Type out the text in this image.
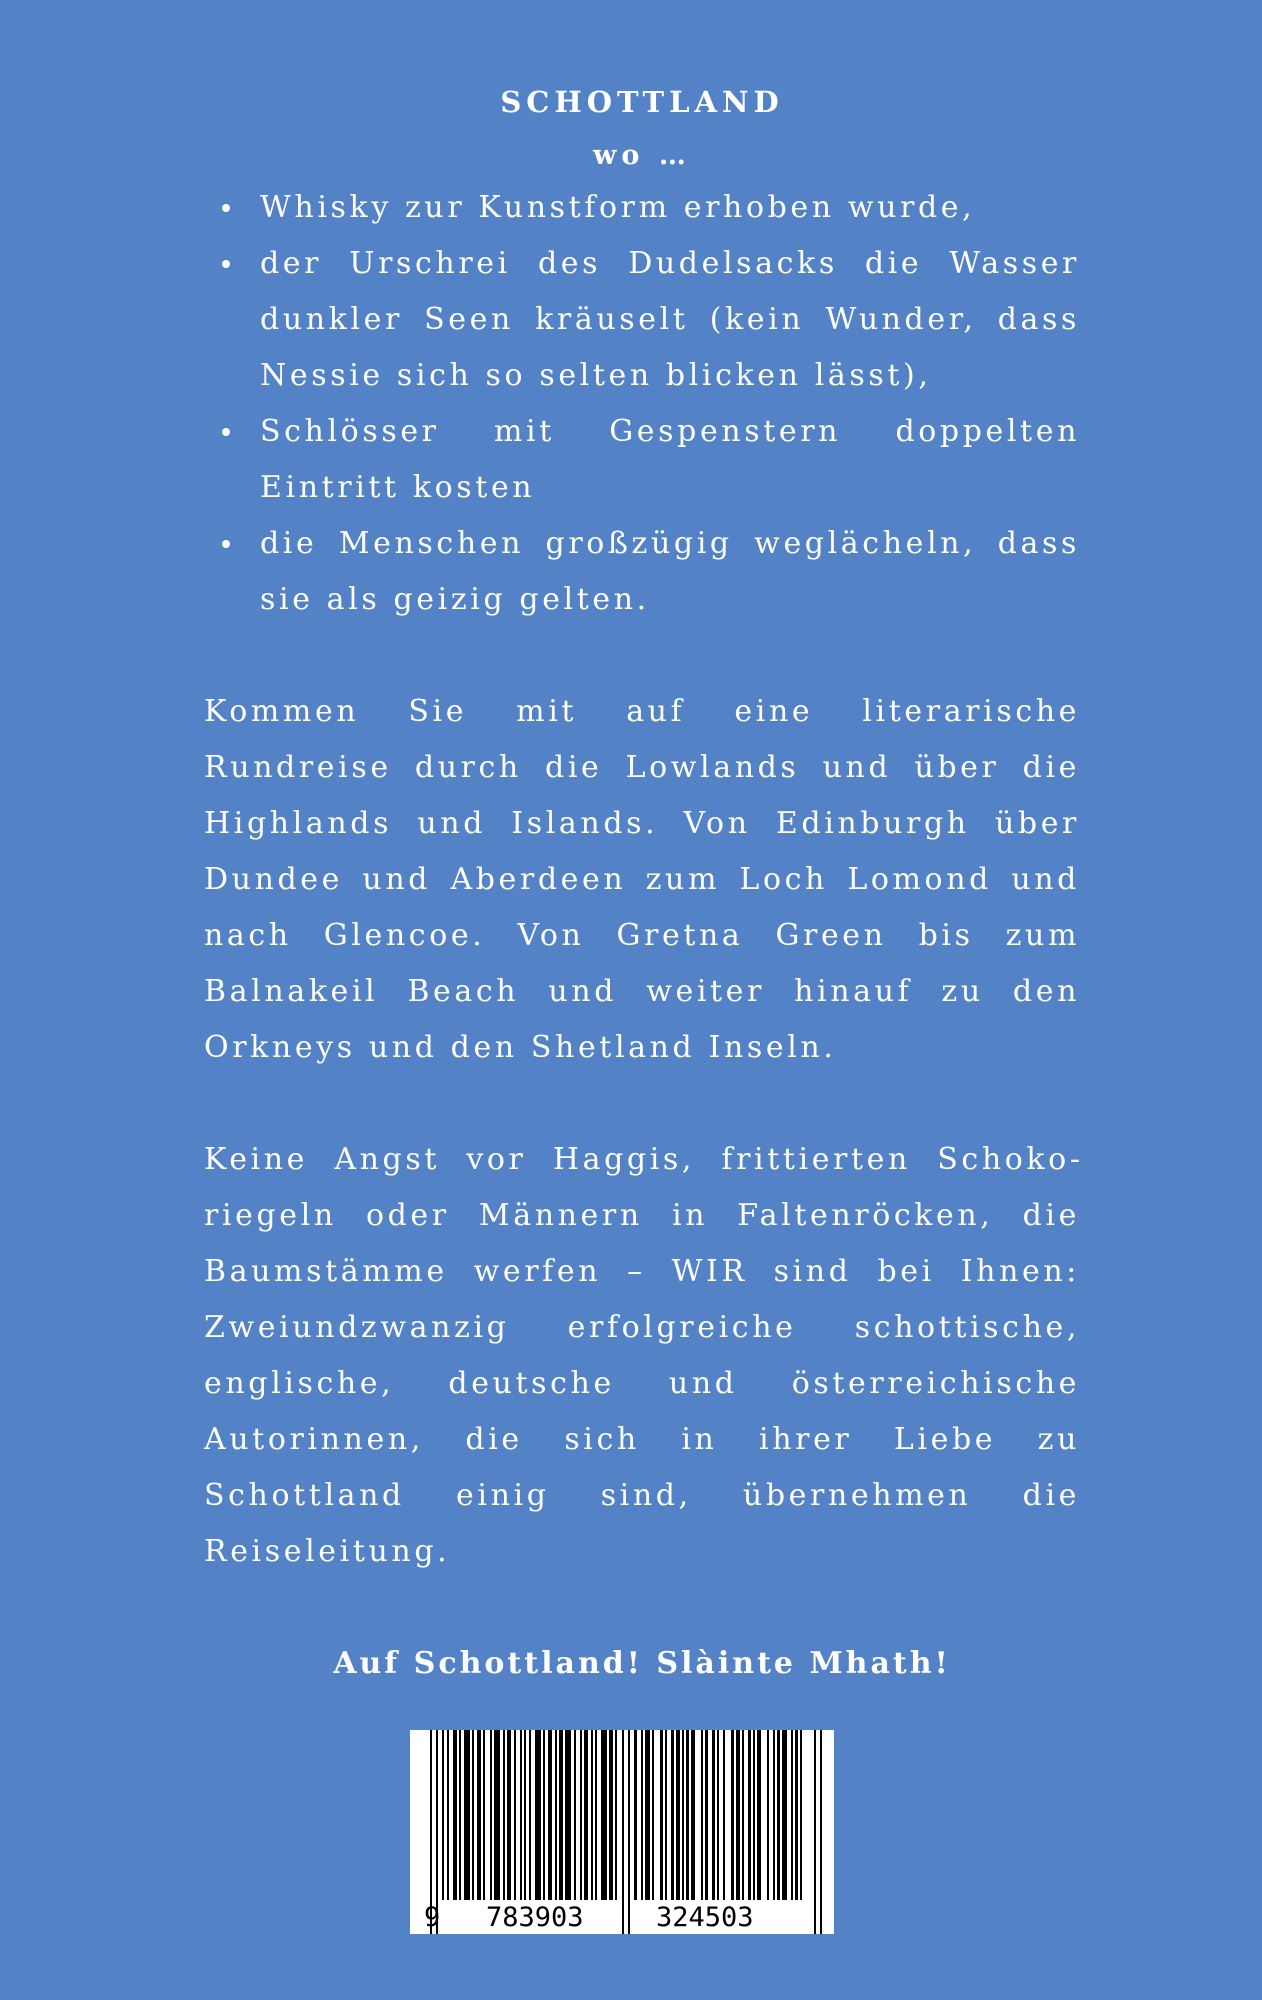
SCHOTTLAND
wo …
Whisky zur Kunstform erhoben wurde,
der Urschrei des Dudelsacks die Wasser dunkler Seen kräuselt (kein Wunder, dass Nessie sich so selten blicken lässt),
Schlösser mit Gespenstern doppelten Eintritt kosten
die Menschen großzügig weglächeln, dass sie als geizig gelten.

Kommen Sie mit auf eine literarische Rundreise durch die Lowlands und über die Highlands und Islands. Von Edinburgh über Dundee und Aberdeen zum Loch Lomond und nach Glencoe. Von Gretna Green bis zum Balnakeil Beach und weiter hinauf zu den Orkneys und den Shetland Inseln.

Keine Angst vor Haggis, frittierten Schokoriegeln oder Männern in Faltenröcken, die Baumstämme werfen – WIR sind bei Ihnen: Zweiundzwanzig erfolgreiche schottische, englische, deutsche und österreichische Autorinnen, die sich in ihrer Liebe zu Schottland einig sind, übernehmen die Reiseleitung.

Auf Schottland! Slàinte Mhath!
9 783903	324503
